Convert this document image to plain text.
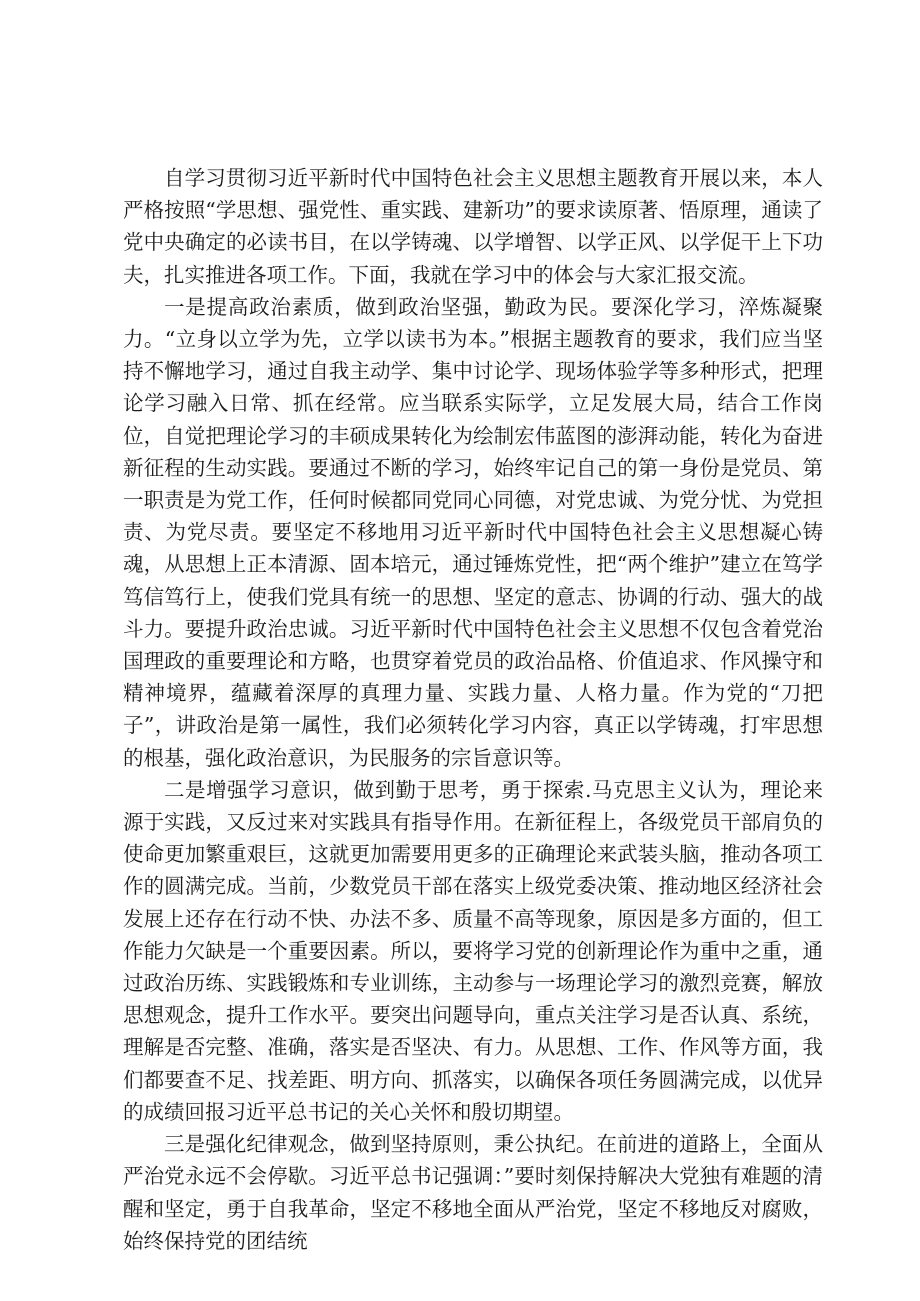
自学习贯彻习近平新时代中国特色社会主义思想主题教育开展以来，本人严格按照“学思想、强党性、重实践、建新功”的要求读原著、悟原理，通读了党中央确定的必读书目，在以学铸魂、以学增智、以学正风、以学促干上下功夫，扎实推进各项工作。下面，我就在学习中的体会与大家汇报交流。

一是提高政治素质，做到政治坚强，勤政为民。要深化学习，淬炼凝聚力。“立身以立学为先，立学以读书为本。”根据主题教育的要求，我们应当坚持不懈地学习，通过自我主动学、集中讨论学、现场体验学等多种形式，把理论学习融入日常、抓在经常。应当联系实际学，立足发展大局，结合工作岗位，自觉把理论学习的丰硕成果转化为绘制宏伟蓝图的澎湃动能，转化为奋进新征程的生动实践。要通过不断的学习，始终牢记自己的第一身份是党员、第一职责是为党工作，任何时候都同党同心同德，对党忠诚、为党分忧、为党担责、为党尽责。要坚定不移地用习近平新时代中国特色社会主义思想凝心铸魂，从思想上正本清源、固本培元，通过锤炼党性，把“两个维护”建立在笃学笃信笃行上，使我们党具有统一的思想、坚定的意志、协调的行动、强大的战斗力。要提升政治忠诚。习近平新时代中国特色社会主义思想不仅包含着党治国理政的重要理论和方略，也贯穿着党员的政治品格、价值追求、作风操守和精神境界，蕴藏着深厚的真理力量、实践力量、人格力量。作为党的“刀把子”，讲政治是第一属性，我们必须转化学习内容，真正以学铸魂，打牢思想的根基，强化政治意识，为民服务的宗旨意识等。

二是增强学习意识，做到勤于思考，勇于探索.马克思主义认为，理论来源于实践，又反过来对实践具有指导作用。在新征程上，各级党员干部肩负的使命更加繁重艰巨，这就更加需要用更多的正确理论来武装头脑，推动各项工作的圆满完成。当前，少数党员干部在落实上级党委决策、推动地区经济社会发展上还存在行动不快、办法不多、质量不高等现象，原因是多方面的，但工作能力欠缺是一个重要因素。所以，要将学习党的创新理论作为重中之重，通过政治历练、实践锻炼和专业训练，主动参与一场理论学习的激烈竞赛，解放思想观念，提升工作水平。要突出问题导向，重点关注学习是否认真、系统，理解是否完整、准确，落实是否坚决、有力。从思想、工作、作风等方面，我们都要查不足、找差距、明方向、抓落实，以确保各项任务圆满完成，以优异的成绩回报习近平总书记的关心关怀和殷切期望。

三是强化纪律观念，做到坚持原则，秉公执纪。在前进的道路上，全面从严治党永远不会停歇。习近平总书记强调：”要时刻保持解决大党独有难题的清醒和坚定，勇于自我革命，坚定不移地全面从严治党，坚定不移地反对腐败，始终保持党的团结统
